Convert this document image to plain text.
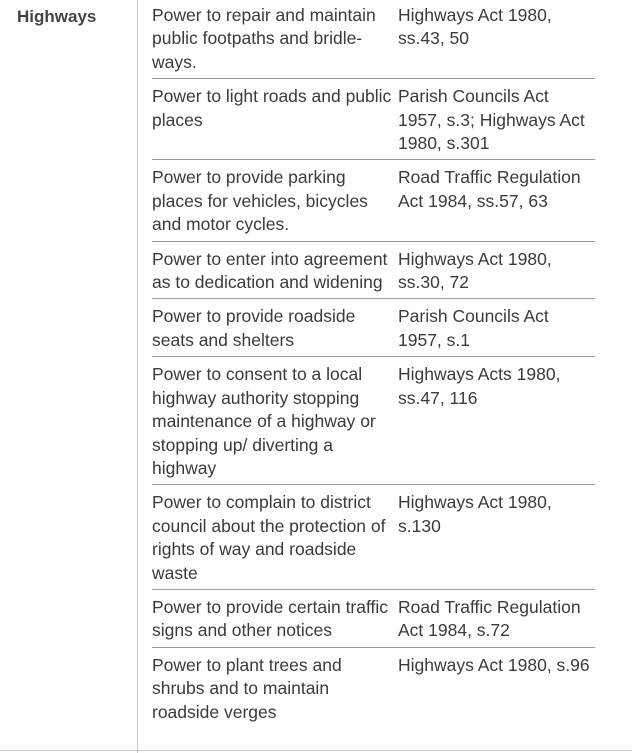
Highways	Power to repair and maintain public footpaths and bridle-ways.
Highways Act 1980, ss.43, 50
Power to light roads and public places
Parish Councils Act 1957, s.3; Highways Act 1980, s.301
Power to provide parking places for vehicles, bicycles and motor cycles.
Road Traffic Regulation Act 1984, ss.57, 63
Power to enter into agreement as to dedication and widening
Highways Act 1980, ss.30, 72
Power to provide roadside seats and shelters
Parish Councils Act 1957, s.1
Power to consent to a local highway authority stopping maintenance of a highway or stopping up/ diverting a highway
Highways Acts 1980, ss.47, 116
Power to complain to district council about the protection of rights of way and roadside waste
Highways Act 1980, s.130
Power to provide certain traffic signs and other notices
Road Traffic Regulation Act 1984, s.72
Power to plant trees and shrubs and to maintain roadside verges
Highways Act 1980, s.96
